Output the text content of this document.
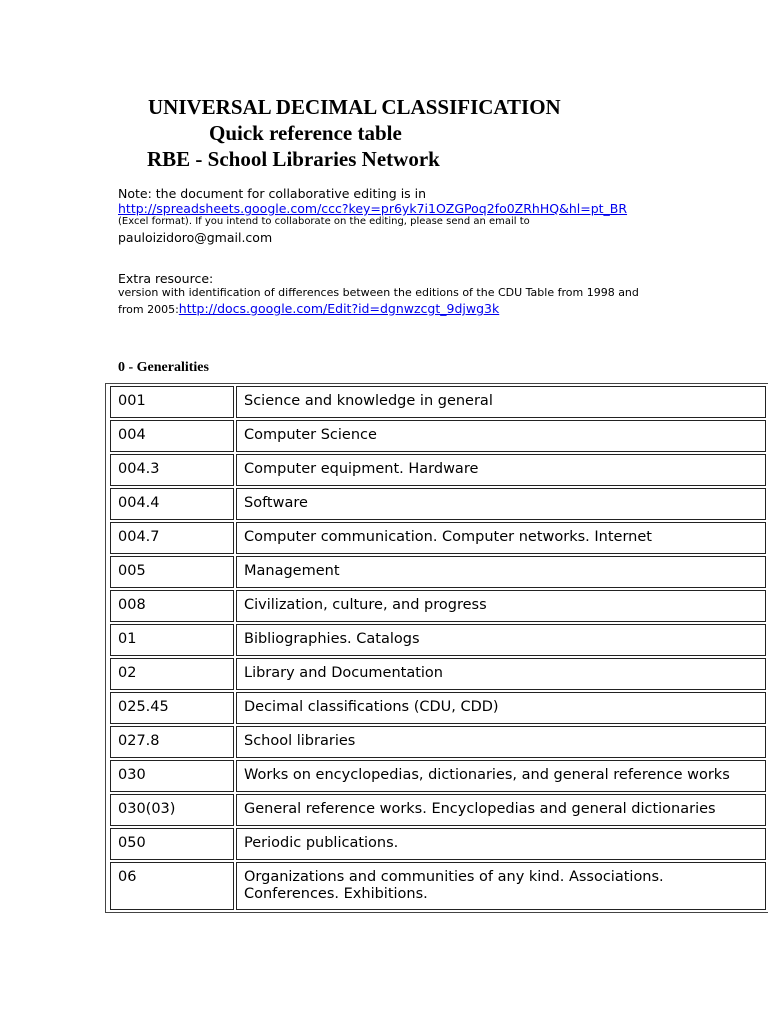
UNIVERSAL DECIMAL CLASSIFICATION
Quick reference table
RBE - School Libraries Network
Note: the document for collaborative editing is in
http://spreadsheets.google.com/ccc?key=pr6yk7i1OZGPoq2fo0ZRhHQ&hl=pt_BR
(Excel format). If you intend to collaborate on the editing, please send an email to
pauloizidoro@gmail.com
Extra resource:
version with identification of differences between the editions of the CDU Table from 1998 and
from 2005:http://docs.google.com/Edit?id=dgnwzcgt_9djwg3k
0 - Generalities
001	Science and knowledge in general
004	Computer Science
004.3	Computer equipment. Hardware
004.4	Software
004.7	Computer communication. Computer networks. Internet
005	Management
008	Civilization, culture, and progress
01	Bibliographies. Catalogs
02	Library and Documentation
025.45	Decimal classifications (CDU, CDD)
027.8	School libraries
030	Works on encyclopedias, dictionaries, and general reference works
030(03)	General reference works. Encyclopedias and general dictionaries
050	Periodic publications.
06	Organizations and communities of any kind. Associations. Conferences. Exhibitions.
